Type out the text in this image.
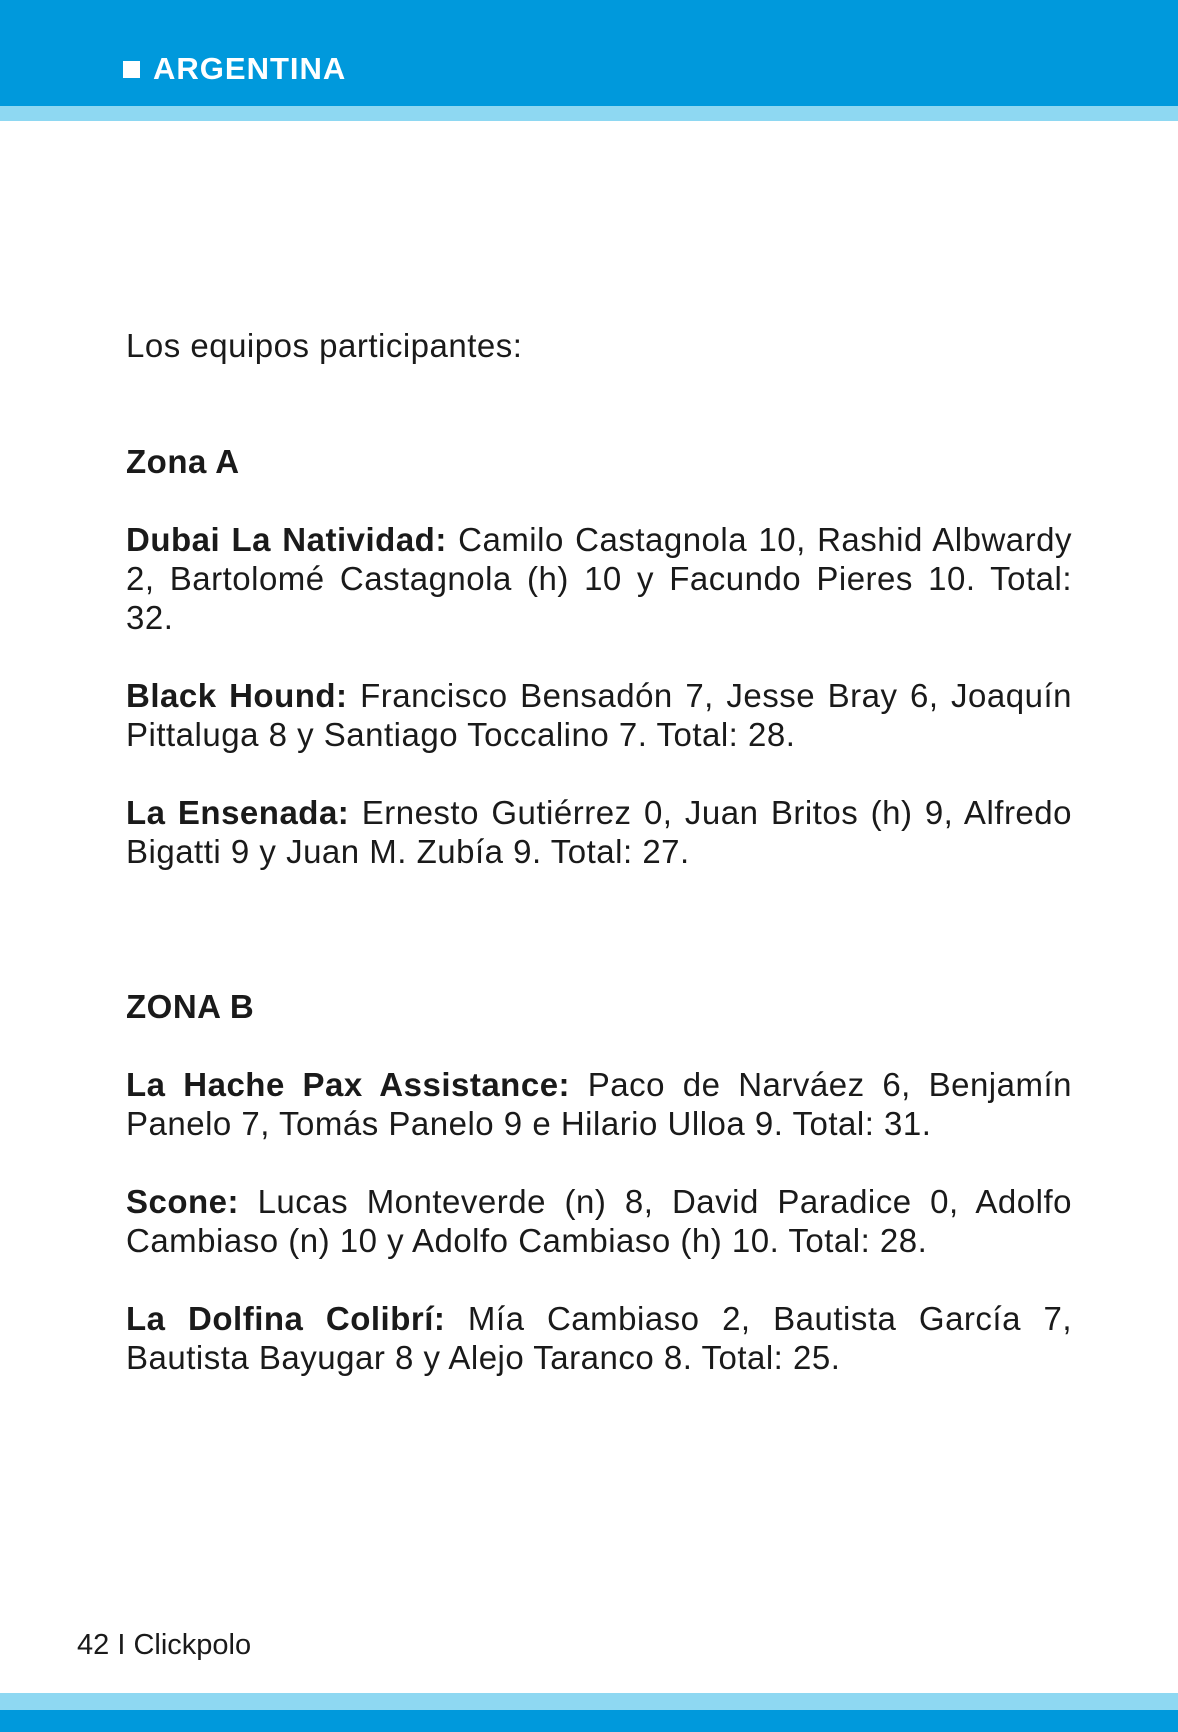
ARGENTINA

Los equipos participantes:

Zona A

Dubai La Natividad: Camilo Castagnola 10, Rashid Albwardy 2, Bartolomé Castagnola (h) 10 y Facundo Pieres 10. Total: 32.

Black Hound: Francisco Bensadón 7, Jesse Bray 6, Joaquín Pittaluga 8 y Santiago Toccalino 7. Total: 28.

La Ensenada: Ernesto Gutiérrez 0, Juan Britos (h) 9, Alfredo Bigatti 9 y Juan M. Zubía 9. Total: 27.

ZONA B

La Hache Pax Assistance: Paco de Narváez 6, Benjamín Panelo 7, Tomás Panelo 9 e Hilario Ulloa 9. Total: 31.

Scone: Lucas Monteverde (n) 8, David Paradice 0, Adolfo Cambiaso (n) 10 y Adolfo Cambiaso (h) 10. Total: 28.

La Dolfina Colibrí: Mía Cambiaso 2, Bautista García 7, Bautista Bayugar 8 y Alejo Taranco 8. Total: 25.

42 I Clickpolo
